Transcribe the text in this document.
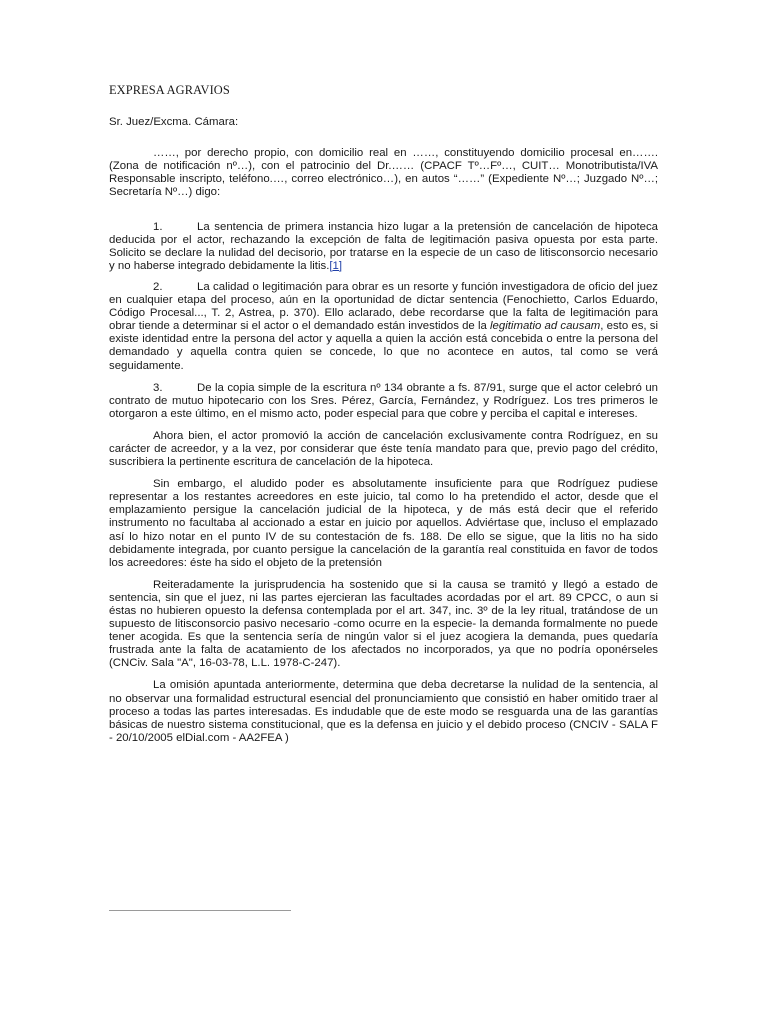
EXPRESA AGRAVIOS

Sr. Juez/Excma. Cámara:

……, por derecho propio, con domicilio real en ……, constituyendo domicilio procesal en……. (Zona de notificación nº…), con el patrocinio del Dr.…… (CPACF Tº…Fº…, CUIT… Monotributista/IVA Responsable inscripto, teléfono.…, correo electrónico…), en autos “……” (Expediente Nº…; Juzgado Nº…; Secretaría Nº…) digo:

1.	La sentencia de primera instancia hizo lugar a la pretensión de cancelación de hipoteca deducida por el actor, rechazando la excepción de falta de legitimación pasiva opuesta por esta parte. Solicito se declare la nulidad del decisorio, por tratarse en la especie de un caso de litisconsorcio necesario y no haberse integrado debidamente la litis.[1]

2.	La calidad o legitimación para obrar es un resorte y función investigadora de oficio del juez en cualquier etapa del proceso, aún en la oportunidad de dictar sentencia (Fenochietto, Carlos Eduardo, Código Procesal..., T. 2, Astrea, p. 370). Ello aclarado, debe recordarse que la falta de legitimación para obrar tiende a determinar si el actor o el demandado están investidos de la legitimatio ad causam, esto es, si existe identidad entre la persona del actor y aquella a quien la acción está concebida o entre la persona del demandado y aquella contra quien se concede, lo que no acontece en autos, tal como se verá seguidamente.

3.	De la copia simple de la escritura nº 134 obrante a fs. 87/91, surge que el actor celebró un contrato de mutuo hipotecario con los Sres. Pérez, García, Fernández, y Rodríguez. Los tres primeros le otorgaron a este último, en el mismo acto, poder especial para que cobre y perciba el capital e intereses.

Ahora bien, el actor promovió la acción de cancelación exclusivamente contra Rodríguez, en su carácter de acreedor, y a la vez, por considerar que éste tenía mandato para que, previo pago del crédito, suscribiera la pertinente escritura de cancelación de la hipoteca.

Sin embargo, el aludido poder es absolutamente insuficiente para que Rodríguez pudiese representar a los restantes acreedores en este juicio, tal como lo ha pretendido el actor, desde que el emplazamiento persigue la cancelación judicial de la hipoteca, y de más está decir que el referido instrumento no facultaba al accionado a estar en juicio por aquellos. Adviértase que, incluso el emplazado así lo hizo notar en el punto IV de su contestación de fs. 188. De ello se sigue, que la litis no ha sido debidamente integrada, por cuanto persigue la cancelación de la garantía real constituida en favor de todos los acreedores: éste ha sido el objeto de la pretensión

Reiteradamente la jurisprudencia ha sostenido que si la causa se tramitó y llegó a estado de sentencia, sin que el juez, ni las partes ejercieran las facultades acordadas por el art. 89 CPCC, o aun si éstas no hubieren opuesto la defensa contemplada por el art. 347, inc. 3º de la ley ritual, tratándose de un supuesto de litisconsorcio pasivo necesario -como ocurre en la especie- la demanda formalmente no puede tener acogida. Es que la sentencia sería de ningún valor si el juez acogiera la demanda, pues quedaría frustrada ante la falta de acatamiento de los afectados no incorporados, ya que no podría oponérseles (CNCiv. Sala "A", 16-03-78, L.L. 1978-C-247).

La omisión apuntada anteriormente, determina que deba decretarse la nulidad de la sentencia, al no observar una formalidad estructural esencial del pronunciamiento que consistió en haber omitido traer al proceso a todas las partes interesadas. Es indudable que de este modo se resguarda una de las garantías básicas de nuestro sistema constitucional, que es la defensa en juicio y el debido proceso (CNCIV - SALA F - 20/10/2005 elDial.com - AA2FEA )
